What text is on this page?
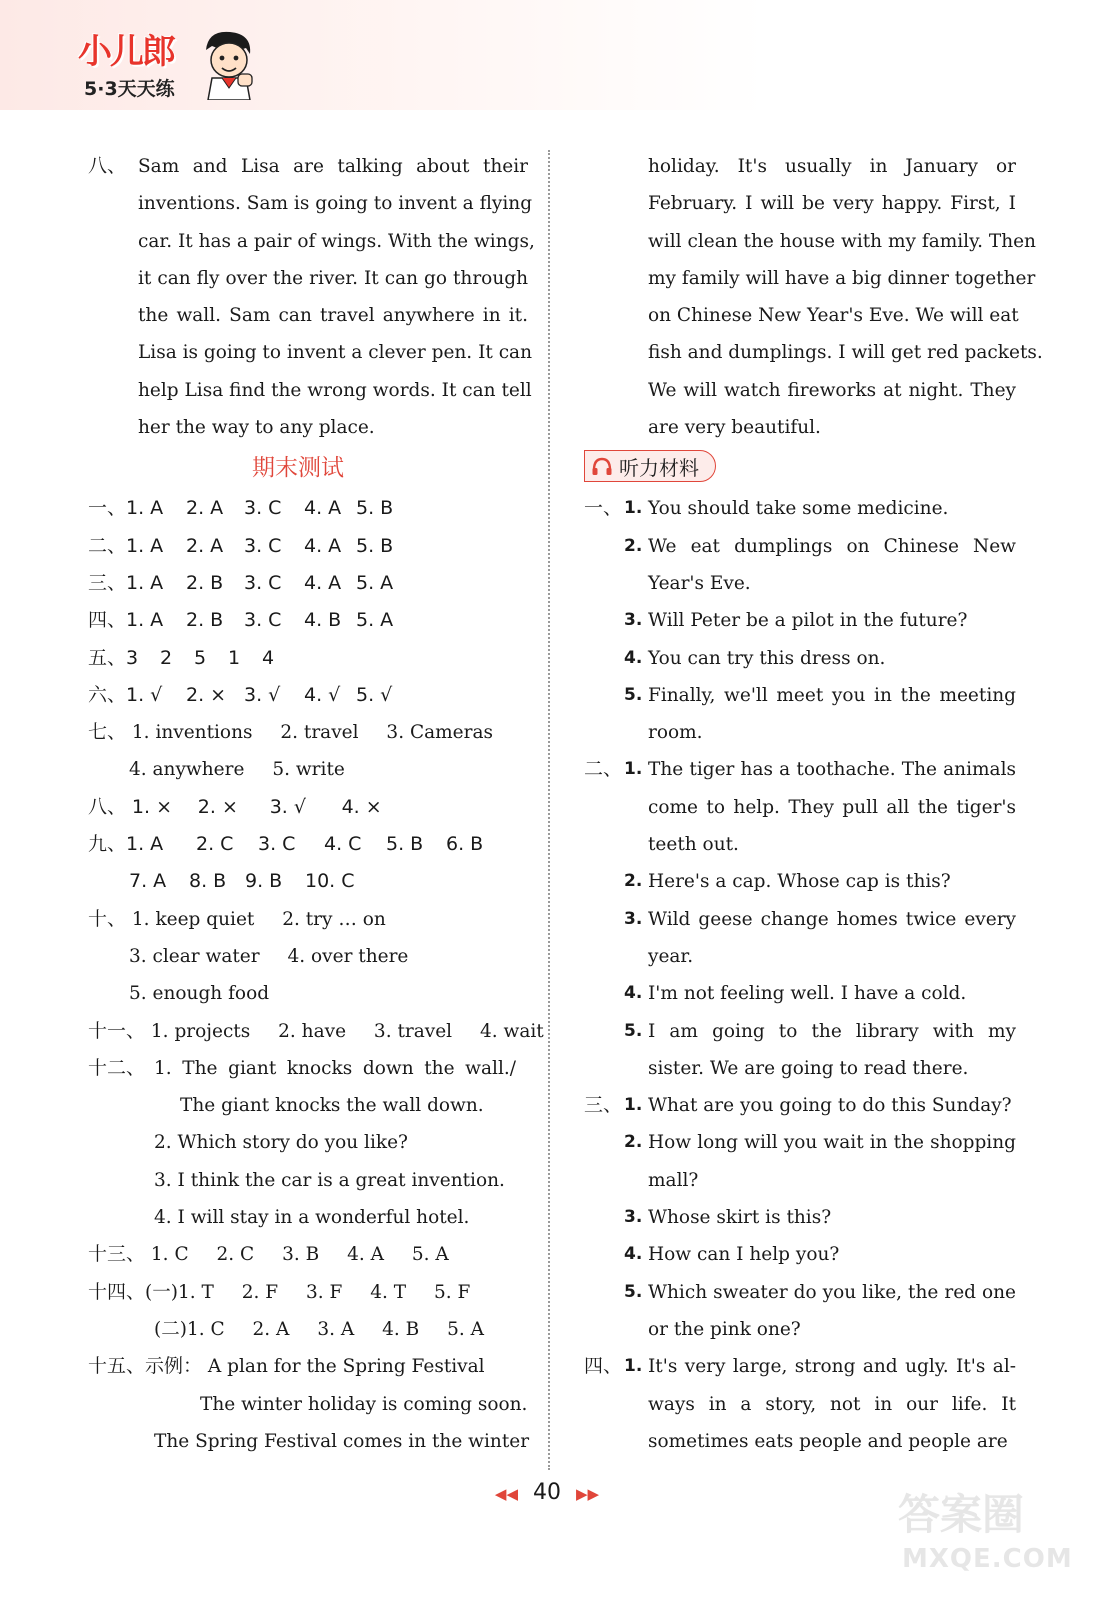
小儿郎
5·3天天练
八、 Sam and Lisa are talking about their
inventions. Sam is going to invent a flying
car. It has a pair of wings. With the wings,
it can fly over the river. It can go through
the wall. Sam can travel anywhere in it.
Lisa is going to invent a clever pen. It can
help Lisa find the wrong words. It can tell
her the way to any place.
期末测试
一、1. A 2. A 3. C 4. A 5. B
二、1. A 2. A 3. C 4. A 5. B
三、1. A 2. B 3. C 4. A 5. A
四、1. A 2. B 3. C 4. B 5. A
五、3 2 5 1 4
六、1. √ 2. × 3. √ 4. √ 5. √
七、 1. inventions 2. travel 3. Cameras
4. anywhere 5. write
八、 1. × 2. × 3. √ 4. ×
九、1. A 2. C 3. C 4. C 5. B 6. B
7. A 8. B 9. B 10. C
十、 1. keep quiet 2. try … on
3. clear water 4. over there
5. enough food
十一、 1. projects 2. have 3. travel 4. wait
十二、 1. The giant knocks down the wall./
The giant knocks the wall down.
2. Which story do you like?
3. I think the car is a great invention.
4. I will stay in a wonderful hotel.
十三、 1. C 2. C 3. B 4. A 5. A
十四、(一)1. T 2. F 3. F 4. T 5. F
(二)1. C 2. A 3. A 4. B 5. A
十五、示例： A plan for the Spring Festival
The winter holiday is coming soon.
The Spring Festival comes in the winter
holiday. It's usually in January or
February. I will be very happy. First, I
will clean the house with my family. Then
my family will have a big dinner together
on Chinese New Year's Eve. We will eat
fish and dumplings. I will get red packets.
We will watch fireworks at night. They
are very beautiful.
听力材料
一、 1. You should take some medicine.
2. We eat dumplings on Chinese New
Year's Eve.
3. Will Peter be a pilot in the future?
4. You can try this dress on.
5. Finally, we'll meet you in the meeting
room.
二、 1. The tiger has a toothache. The animals
come to help. They pull all the tiger's
teeth out.
2. Here's a cap. Whose cap is this?
3. Wild geese change homes twice every
year.
4. I'm not feeling well. I have a cold.
5. I am going to the library with my
sister. We are going to read there.
三、 1. What are you going to do this Sunday?
2. How long will you wait in the shopping
mall?
3. Whose skirt is this?
4. How can I help you?
5. Which sweater do you like, the red one
or the pink one?
四、 1. It's very large, strong and ugly. It's al-
ways in a story, not in our life. It
sometimes eats people and people are
◀◀ 40 ▶▶	答案圈
MXQE.COM
